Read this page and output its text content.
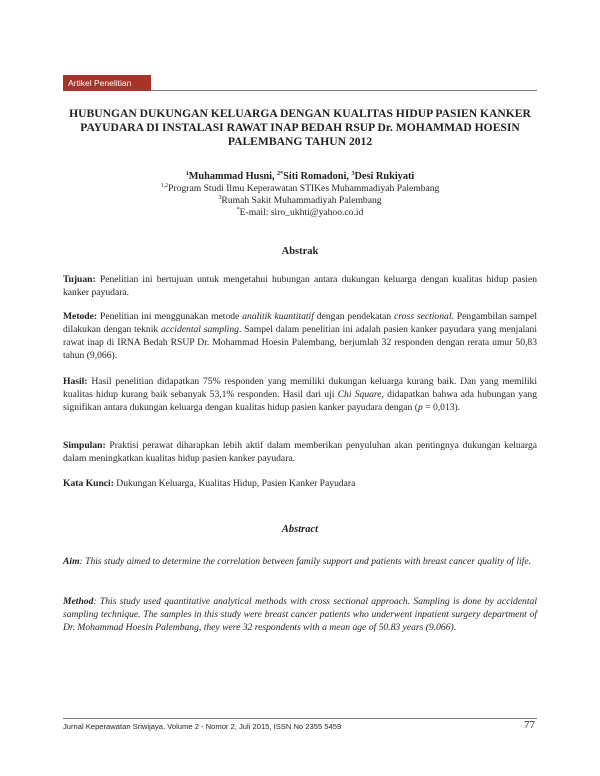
Artikel Penelitian
HUBUNGAN DUKUNGAN KELUARGA DENGAN KUALITAS HIDUP PASIEN KANKER
PAYUDARA DI INSTALASI RAWAT INAP BEDAH RSUP Dr. MOHAMMAD HOESIN
PALEMBANG TAHUN 2012
$^1$Muhammad Husni, $^{2*}$Siti Romadoni, $^3$Desi Rukiyati
$^{1,2}$Program Studi Ilmu Keperawatan STIKes Muhammadiyah Palembang
$^3$Rumah Sakit Muhammadiyah Palembang
*E-mail: siro_ukhti@yahoo.co.id
Abstrak
Tujuan: Penelitian ini bertujuan untuk mengetahui hubungan antara dukungan keluarga dengan kualitas hidup pasien kanker payudara.
Metode: Penelitian ini menggunakan metode analitik kuantitatif dengan pendekatan cross sectional. Pengambilan sampel dilakukan dengan teknik accidental sampling. Sampel dalam penelitian ini adalah pasien kanker payudara yang menjalani rawat inap di IRNA Bedah RSUP Dr. Mohammad Hoesin Palembang, berjumlah 32 responden dengan rerata umur 50,83 tahun (9,066).
Hasil: Hasil penelitian didapatkan 75% responden yang memiliki dukungan keluarga kurang baik. Dan yang memiliki kualitas hidup kurang baik sebanyak 53,1% responden. Hasil dari uji Chi Square, didapatkan bahwa ada hubungan yang signifikan antara dukungan keluarga dengan kualitas hidup pasien kanker payudara dengan (p = 0,013).
Simpulan: Praktisi perawat diharapkan lebih aktif dalam memberikan penyuluhan akan pentingnya dukungan keluarga dalam meningkatkan kualitas hidup pasien kanker payudara.
Kata Kunci: Dukungan Keluarga, Kualitas Hidup, Pasien Kanker Payudara
Abstract
Aim: This study aimed to determine the correlation between family support and patients with breast cancer quality of life.
Method: This study used quantitative analytical methods with cross sectional approach. Sampling is done by accidental sampling technique. The samples in this study were breast cancer patients who underwent inpatient surgery department of Dr. Mohammad Hoesin Palembang, they were 32 respondents with a mean age of 50.83 years (9.066).
Jurnal Keperawatan Sriwijaya, Volume 2 - Nomor 2, Juli 2015, ISSN No 2355 5459	77
